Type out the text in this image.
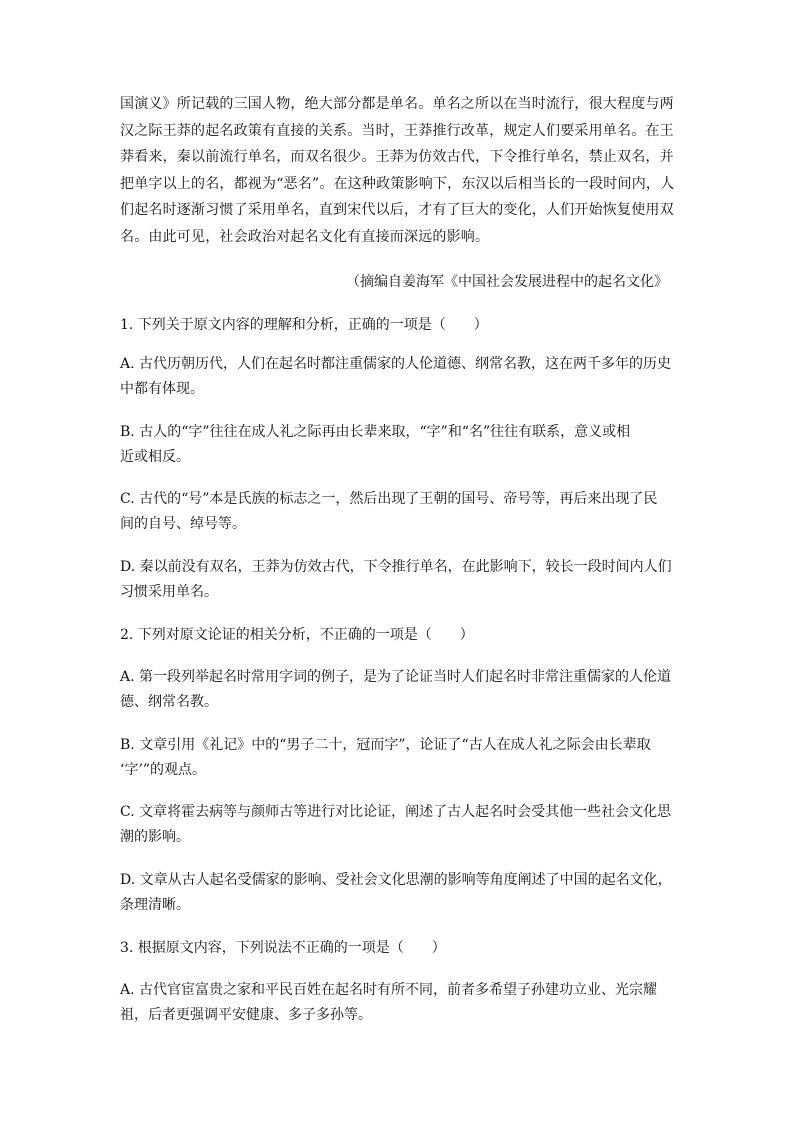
国演义》所记载的三国人物，绝大部分都是单名。单名之所以在当时流行，很大程度与两
汉之际王莽的起名政策有直接的关系。当时，王莽推行改革，规定人们要采用单名。在王
莽看来，秦以前流行单名，而双名很少。王莽为仿效古代，下令推行单名，禁止双名，并
把单字以上的名，都视为“恶名”。在这种政策影响下，东汉以后相当长的一段时间内，人
们起名时逐渐习惯了采用单名，直到宋代以后，才有了巨大的变化，人们开始恢复使用双
名。由此可见，社会政治对起名文化有直接而深远的影响。
（摘编自姜海军《中国社会发展进程中的起名文化》
1. 下列关于原文内容的理解和分析，正确的一项是（　　）
A. 古代历朝历代，人们在起名时都注重儒家的人伦道德、纲常名教，这在两千多年的历史
中都有体现。
B. 古人的“字”往往在成人礼之际再由长辈来取，“字”和“名”往往有联系，意义或相
近或相反。
C. 古代的“号”本是氏族的标志之一，然后出现了王朝的国号、帝号等，再后来出现了民
间的自号、绰号等。
D. 秦以前没有双名，王莽为仿效古代，下令推行单名，在此影响下，较长一段时间内人们
习惯采用单名。
2. 下列对原文论证的相关分析，不正确的一项是（　　）
A. 第一段列举起名时常用字词的例子，是为了论证当时人们起名时非常注重儒家的人伦道
德、纲常名教。
B. 文章引用《礼记》中的“男子二十，冠而字”，论证了“古人在成人礼之际会由长辈取
‘字’”的观点。
C. 文章将霍去病等与颜师古等进行对比论证，阐述了古人起名时会受其他一些社会文化思
潮的影响。
D. 文章从古人起名受儒家的影响、受社会文化思潮的影响等角度阐述了中国的起名文化，
条理清晰。
3. 根据原文内容，下列说法不正确的一项是（　　）
A. 古代官宦富贵之家和平民百姓在起名时有所不同，前者多希望子孙建功立业、光宗耀
祖，后者更强调平安健康、多子多孙等。
